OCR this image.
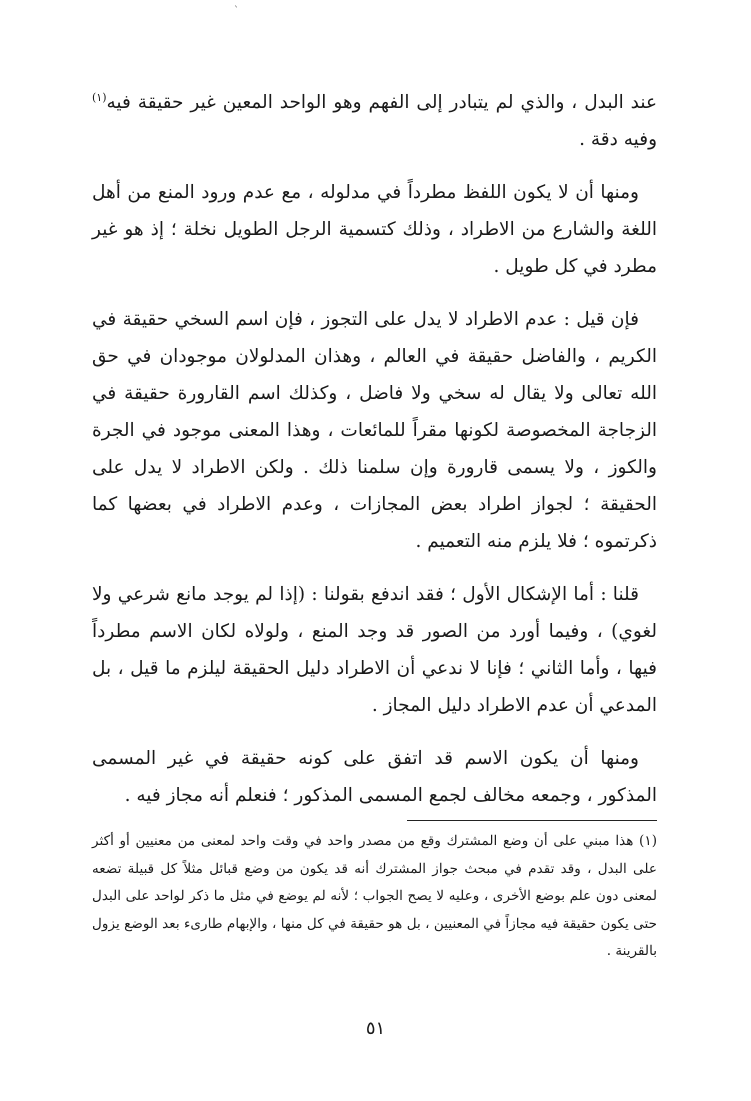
ˋ

عند البدل ، والذي لم يتبادر إلى الفهم وهو الواحد المعين غير حقيقة فيه$^{(١)}$ وفيه دقة .

ومنها أن لا يكون اللفظ مطرداً في مدلوله ، مع عدم ورود المنع من أهل اللغة والشارع من الاطراد ، وذلك كتسمية الرجل الطويل نخلة ؛ إذ هو غير مطرد في كل طويل .

فإن قيل : عدم الاطراد لا يدل على التجوز ، فإن اسم السخي حقيقة في الكريم ، والفاضل حقيقة في العالم ، وهذان المدلولان موجودان في حق الله تعالى ولا يقال له سخي ولا فاضل ، وكذلك اسم القارورة حقيقة في الزجاجة المخصوصة لكونها مقراً للمائعات ، وهذا المعنى موجود في الجرة والكوز ، ولا يسمى قارورة وإن سلمنا ذلك . ولكن الاطراد لا يدل على الحقيقة ؛ لجواز اطراد بعض المجازات ، وعدم الاطراد في بعضها كما ذكرتموه ؛ فلا يلزم منه التعميم .

قلنا : أما الإشكال الأول ؛ فقد اندفع بقولنا : (إذا لم يوجد مانع شرعي ولا لغوي) ، وفيما أورد من الصور قد وجد المنع ، ولولاه لكان الاسم مطرداً فيها ، وأما الثاني ؛ فإنا لا ندعي أن الاطراد دليل الحقيقة ليلزم ما قيل ، بل المدعي أن عدم الاطراد دليل المجاز .

ومنها أن يكون الاسم قد اتفق على كونه حقيقة في غير المسمى المذكور ، وجمعه مخالف لجمع المسمى المذكور ؛ فنعلم أنه مجاز فيه .

(١) هذا مبني على أن وضع المشترك وقع من مصدر واحد في وقت واحد لمعنى من معنيين أو أكثر على البدل ، وقد تقدم في مبحث جواز المشترك أنه قد يكون من وضع قبائل مثلاً كل قبيلة تضعه لمعنى دون علم بوضع الأخرى ، وعليه لا يصح الجواب ؛ لأنه لم يوضع في مثل ما ذكر لواحد على البدل حتى يكون حقيقة فيه مجازاً في المعنيين ، بل هو حقيقة في كل منها ، والإبهام طارىء بعد الوضع يزول بالقرينة .

٥١
